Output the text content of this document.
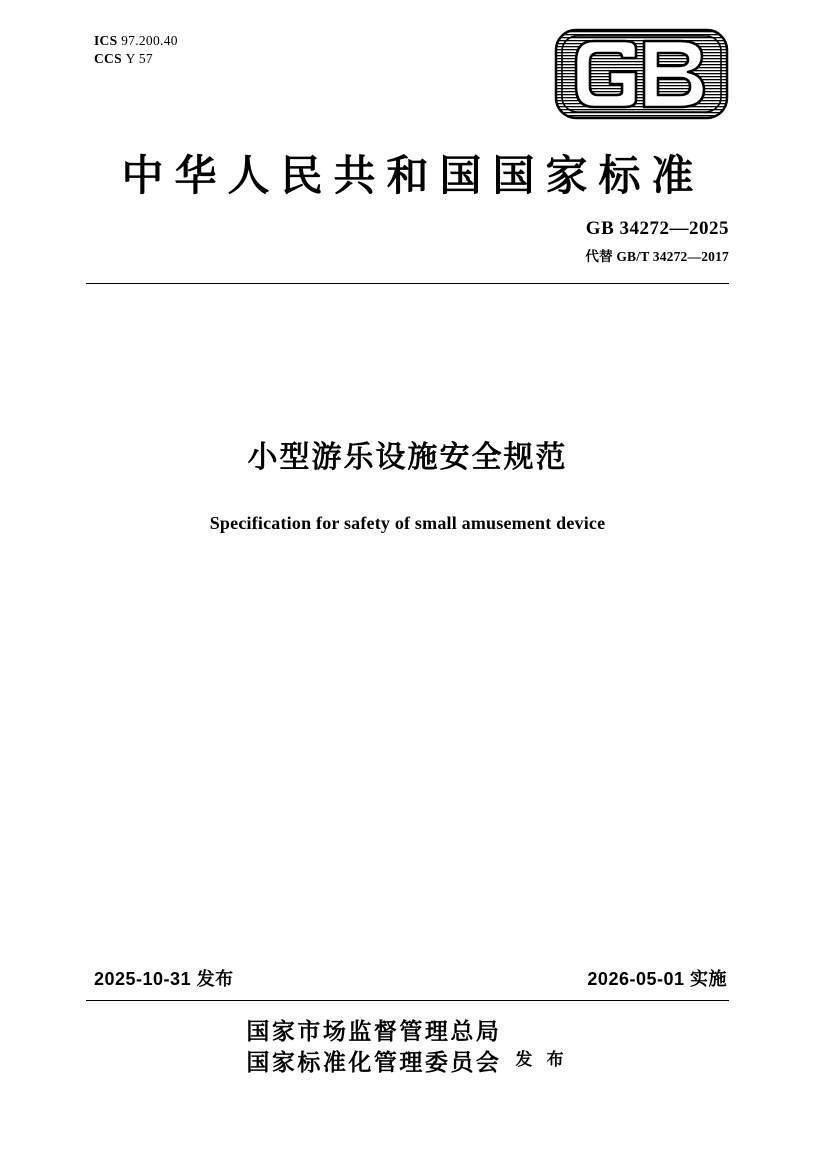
ICS 97.200.40
CCS Y 57
中华人民共和国国家标准
GB 34272—2025
代替 GB/T 34272—2017
小型游乐设施安全规范
Specification for safety of small amusement device
2025-10-31 发布	2026-05-01 实施
国家市场监督管理总局
国家标准化管理委员会 发 布
